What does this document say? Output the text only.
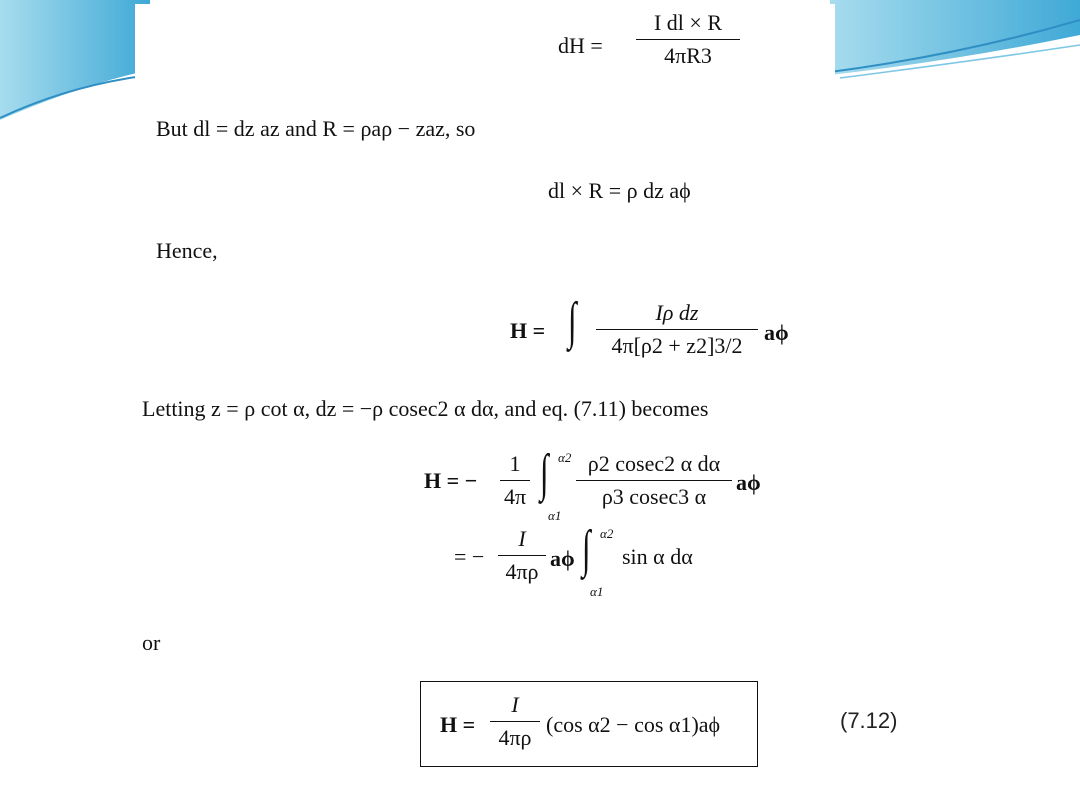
dH =
I dl × R
4πR3
But dl = dz az and R = ρaρ − zaz, so
dl × R = ρ dz aϕ
Hence,
H = ∫	Iρ dz
4π[ρ2 + z2]3/2
aϕ
Letting z = ρ cot α, dz = −ρ cosec2 α dα, and eq. (7.11) becomes
H = −
1
4π ∫ α2
α1
ρ2 cosec2 α dα
ρ3 cosec3 α
aϕ
= −
I
4πρ
aϕ ∫ α2
α1
sin α dα
or
H =
I
4πρ
(cos α2 − cos α1)aϕ	(7.12)
